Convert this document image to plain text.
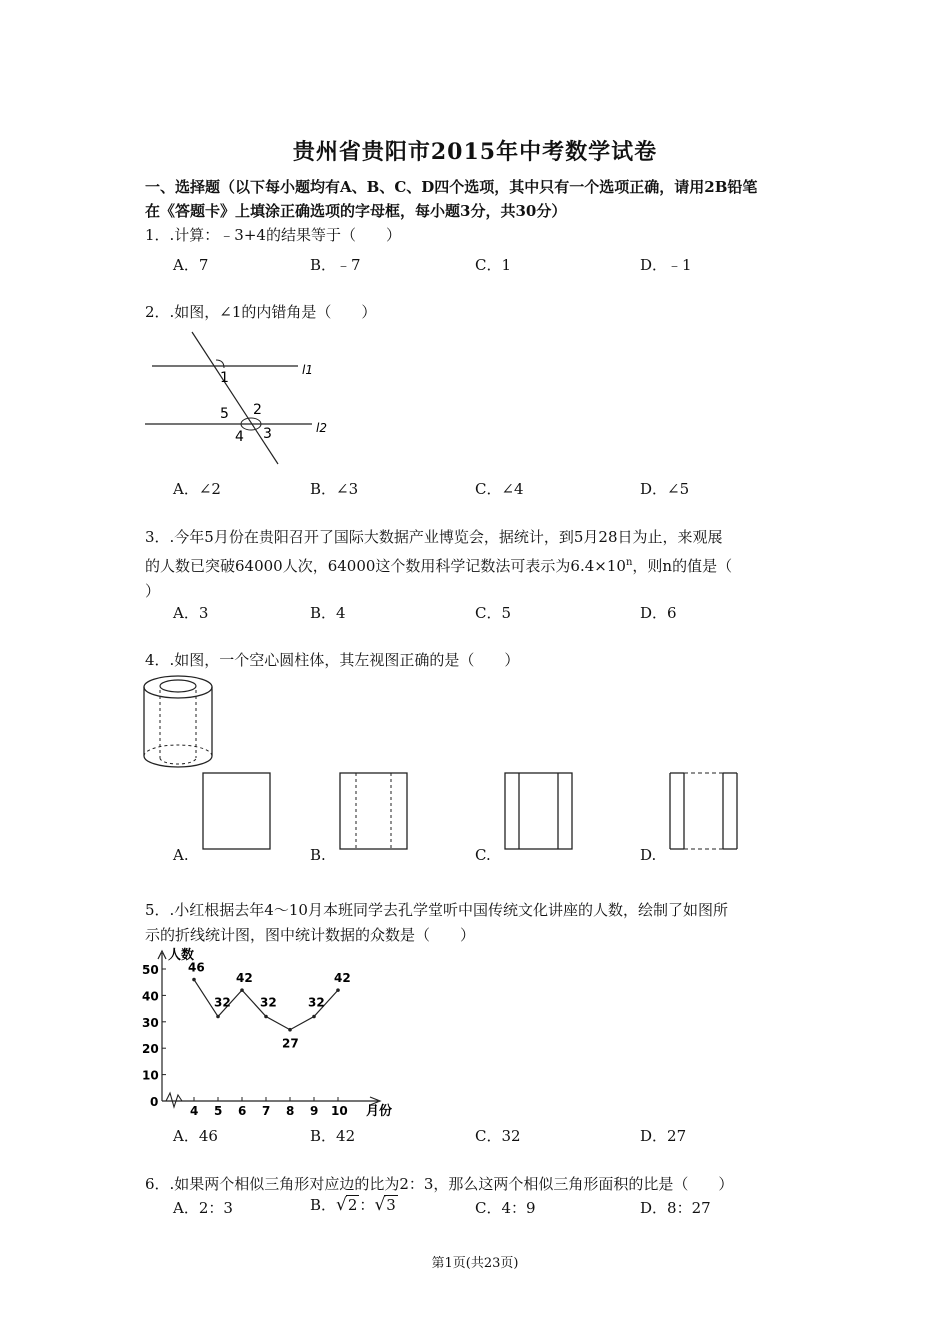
贵州省贵阳市2015年中考数学试卷
一、选择题（以下每小题均有A、B、C、D四个选项，其中只有一个选项正确，请用2B铅笔
在《答题卡》上填涂正确选项的字母框，每小题3分，共30分）
1．.计算：﹣3+4的结果等于（　　）
A．7	B．﹣7	C．1	D．﹣1
2．.如图，∠1的内错角是（　　）
1
2
3
4
5
l1
l2
A．∠2	B．∠3	C．∠4	D．∠5
3．.今年5月份在贵阳召开了国际大数据产业博览会，据统计，到5月28日为止，来观展
的人数已突破64000人次，64000这个数用科学记数法可表示为$6.4\times 10^n$，则n的值是（
）
A．3	B．4	C．5	D．6
4．.如图，一个空心圆柱体，其左视图正确的是（　　）
A.	B.	C.	D.
5．.小红根据去年4～10月本班同学去孔学堂听中国传统文化讲座的人数，绘制了如图所
示的折线统计图，图中统计数据的众数是（　　）
人数
月份
0
10
20
30
40
50
4 5 6 7 8 9 10
46
32
42
32
27
32
42
A．46	B．42	C．32	D．27
6．.如果两个相似三角形对应边的比为2：3，那么这两个相似三角形面积的比是（　　）
A．2：3	B．√2 ：√3	C．4：9	D．8：27
第1页(共23页)
